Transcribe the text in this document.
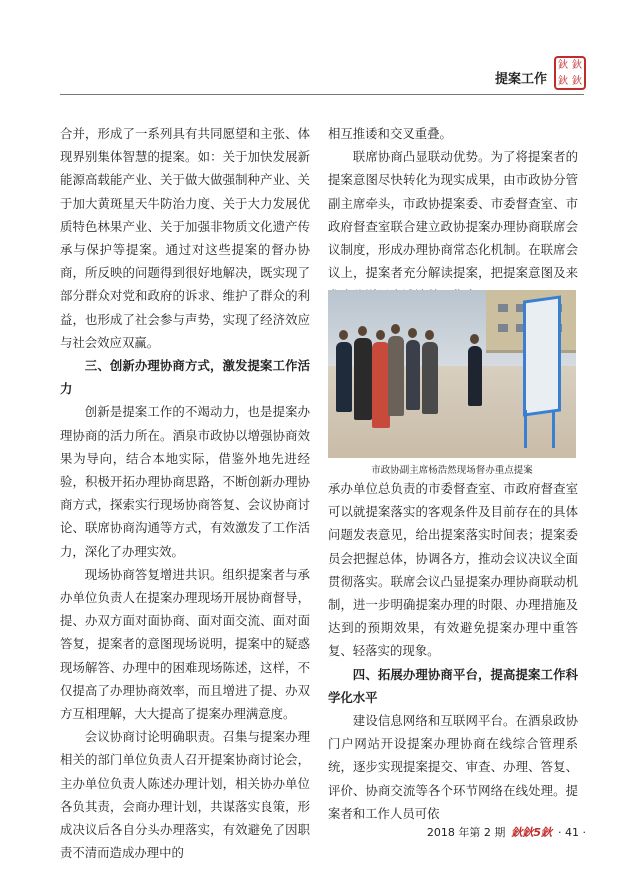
提案工作
鈥 鈥
鈥 鈥

合并，形成了一系列具有共同愿望和主张、体现界别集体智慧的提案。如：关于加快发展新能源高载能产业、关于做大做强制种产业、关于加大黄斑星天牛防治力度、关于大力发展优质特色林果产业、关于加强非物质文化遗产传承与保护等提案。通过对这些提案的督办协商，所反映的问题得到很好地解决，既实现了部分群众对党和政府的诉求、维护了群众的利益，也形成了社会参与声势，实现了经济效应与社会效应双赢。

三、创新办理协商方式，激发提案工作活力

创新是提案工作的不竭动力，也是提案办理协商的活力所在。酒泉市政协以增强协商效果为导向，结合本地实际，借鉴外地先进经验，积极开拓办理协商思路，不断创新办理协商方式，探索实行现场协商答复、会议协商讨论、联席协商沟通等方式，有效激发了工作活力，深化了办理实效。

现场协商答复增进共识。组织提案者与承办单位负责人在提案办理现场开展协商督导，提、办双方面对面协商、面对面交流、面对面答复，提案者的意图现场说明，提案中的疑惑现场解答、办理中的困难现场陈述，这样，不仅提高了办理协商效率，而且增进了提、办双方互相理解，大大提高了提案办理满意度。

会议协商讨论明确职责。召集与提案办理相关的部门单位负责人召开提案协商讨论会，主办单位负责人陈述办理计划，相关协办单位各负其责，会商办理计划，共谋落实良策，形成决议后各自分头办理落实，有效避免了因职责不清而造成办理中的

相互推诿和交叉重叠。

联席协商凸显联动优势。为了将提案者的提案意图尽快转化为现实成果，由市政协分管副主席牵头，市政协提案委、市委督查室、市政府督查室联合建立政协提案办理协商联席会议制度，形成办理协商常态化机制。在联席会议上，提案者充分解读提案，把提案意图及来

市政协副主席杨浩然现场督办重点提案

承办单位总负责的市委督查室、市政府督查室可以就提案落实的客观条件及目前存在的具体问题发表意见，给出提案落实时间表；提案委员会把握总体，协调各方，推动会议决议全面贯彻落实。联席会议凸显提案办理协商联动机制，进一步明确提案办理的时限、办理措施及达到的预期效果，有效避免提案办理中重答复、轻落实的现象。

四、拓展办理协商平台，提高提案工作科学化水平

建设信息网络和互联网平台。在酒泉政协门户网站开设提案办理协商在线综合管理系统，逐步实现提案提交、审查、办理、答复、评价、协商交流等各个环节网络在线处理。提案者和工作人员可依

2018 年第 2 期 鈥鈥5鈥 · 41 ·
